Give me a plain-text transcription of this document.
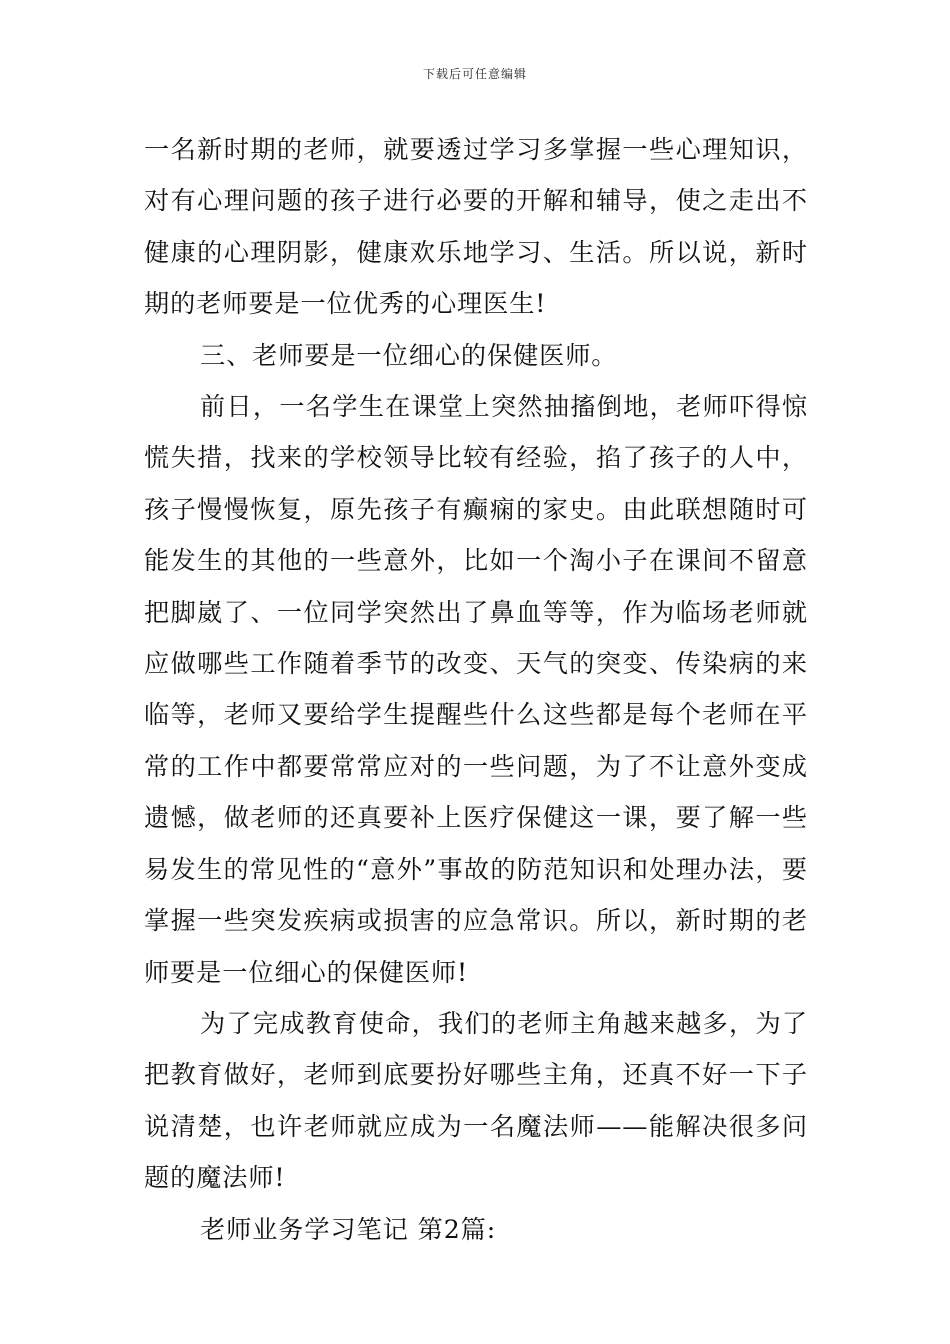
下载后可任意编辑

一名新时期的老师，就要透过学习多掌握一些心理知识，对有心理问题的孩子进行必要的开解和辅导，使之走出不健康的心理阴影，健康欢乐地学习、生活。所以说，新时期的老师要是一位优秀的心理医生!

三、老师要是一位细心的保健医师。

前日，一名学生在课堂上突然抽搐倒地，老师吓得惊慌失措，找来的学校领导比较有经验，掐了孩子的人中，孩子慢慢恢复，原先孩子有癫痫的家史。由此联想随时可能发生的其他的一些意外，比如一个淘小子在课间不留意把脚崴了、一位同学突然出了鼻血等等，作为临场老师就应做哪些工作随着季节的改变、天气的突变、传染病的来临等，老师又要给学生提醒些什么这些都是每个老师在平常的工作中都要常常应对的一些问题，为了不让意外变成遗憾，做老师的还真要补上医疗保健这一课，要了解一些易发生的常见性的“意外”事故的防范知识和处理办法，要掌握一些突发疾病或损害的应急常识。所以，新时期的老师要是一位细心的保健医师!

为了完成教育使命，我们的老师主角越来越多，为了把教育做好，老师到底要扮好哪些主角，还真不好一下子说清楚，也许老师就应成为一名魔法师——能解决很多问题的魔法师!

老师业务学习笔记 第2篇:
